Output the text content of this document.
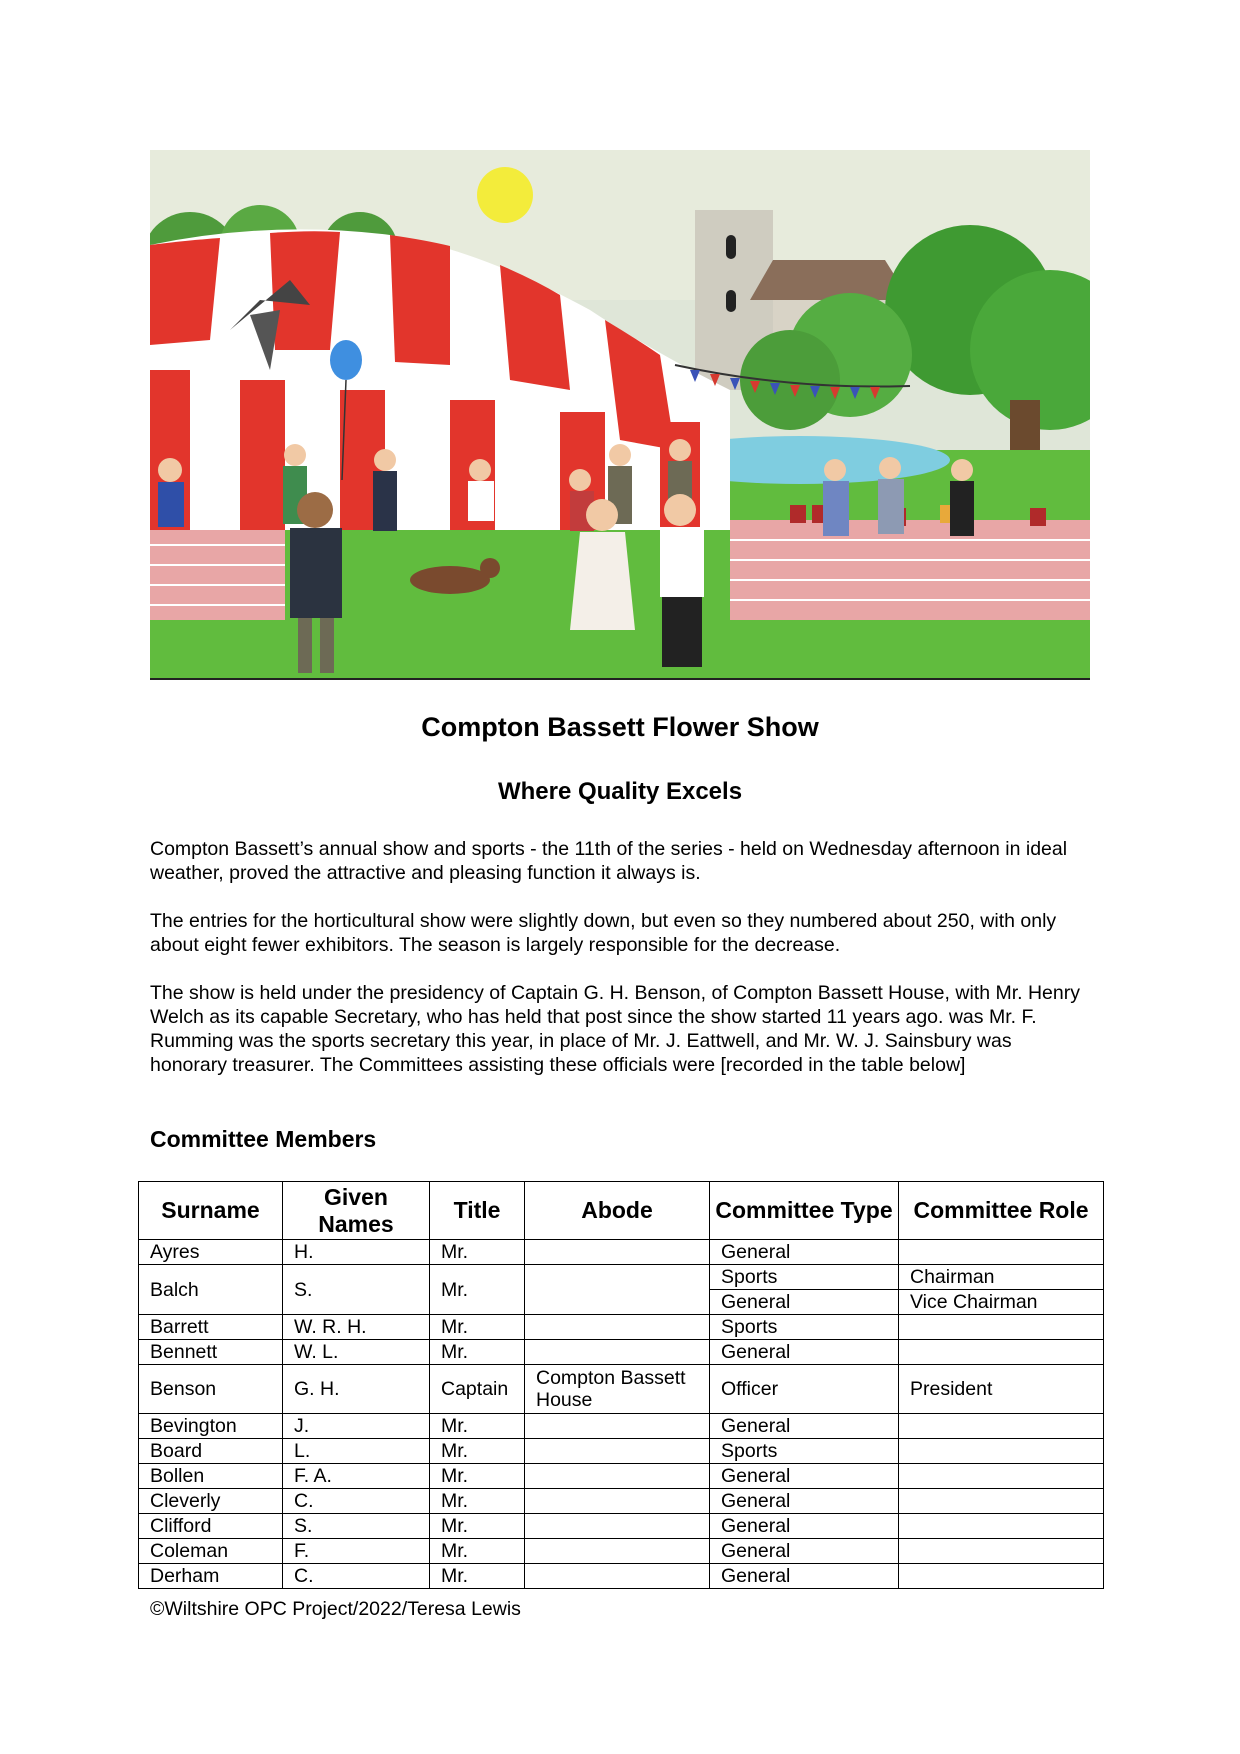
Compton Bassett Flower Show
Where Quality Excels
Compton Bassett’s annual show and sports - the 11th of the series - held on Wednesday afternoon in ideal weather, proved the attractive and pleasing function it always is.
The entries for the horticultural show were slightly down, but even so they numbered about 250, with only about eight fewer exhibitors. The season is largely responsible for the decrease.
The show is held under the presidency of Captain G. H. Benson, of Compton Bassett House, with Mr. Henry Welch as its capable Secretary, who has held that post since the show started 11 years ago. was Mr. F. Rumming was the sports secretary this year, in place of Mr. J. Eattwell, and Mr. W. J. Sainsbury was honorary treasurer. The Committees assisting these officials were [recorded in the table below]
Committee Members
Surname	Given Names	Title	Abode	Committee Type	Committee Role
Ayres	H.	Mr.		General	
Balch	S.	Mr.		Sports	Chairman
				General	Vice Chairman
Barrett	W. R. H.	Mr.		Sports	
Bennett	W. L.	Mr.		General	
Benson	G. H.	Captain	Compton Bassett House	Officer	President
Bevington	J.	Mr.		General	
Board	L.	Mr.		Sports	
Bollen	F. A.	Mr.		General	
Cleverly	C.	Mr.		General	
Clifford	S.	Mr.		General	
Coleman	F.	Mr.		General	
Derham	C.	Mr.		General	
©Wiltshire OPC Project/2022/Teresa Lewis
